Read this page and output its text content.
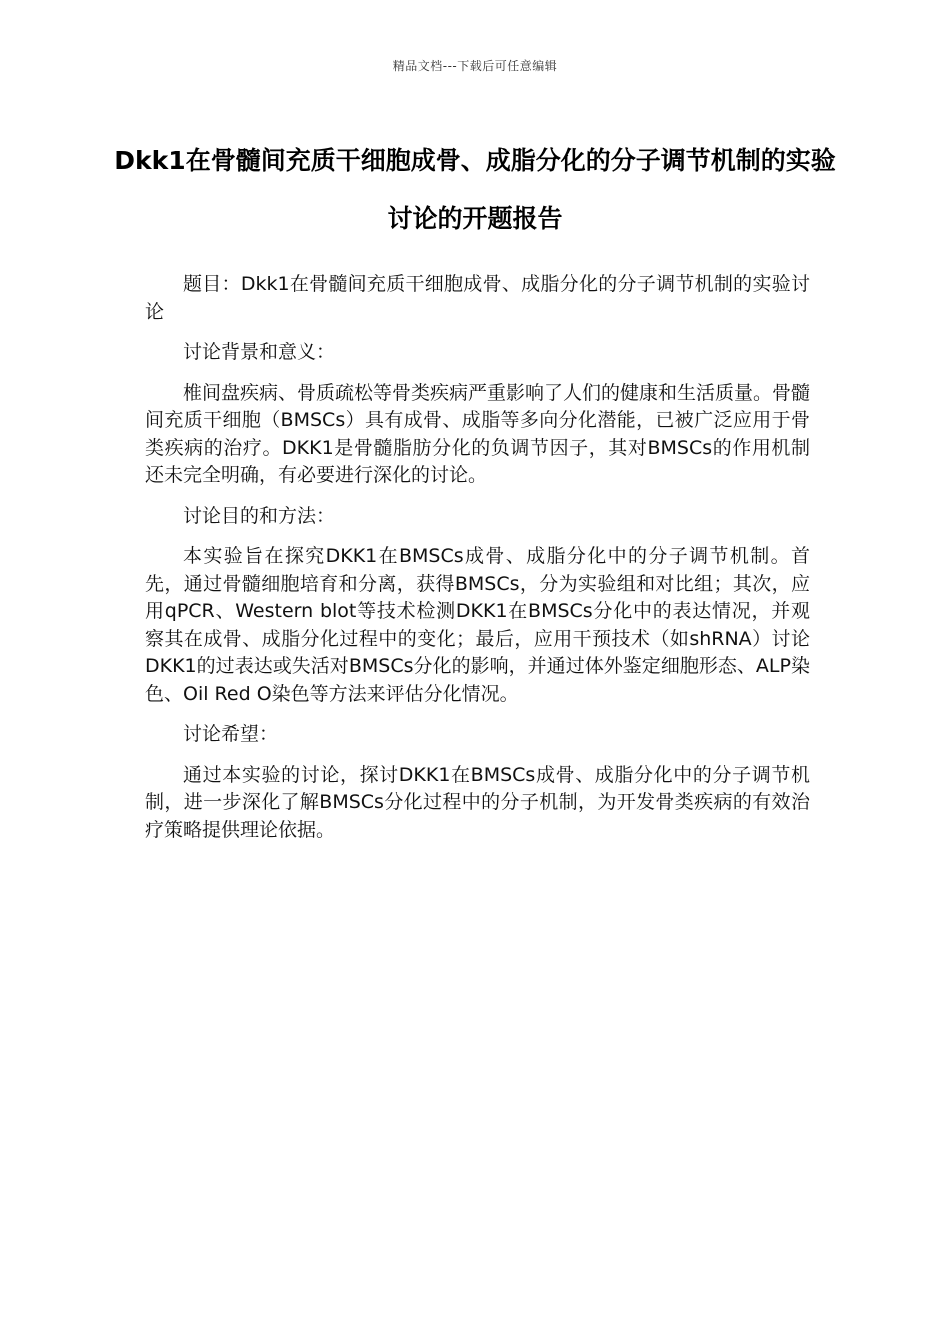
精品文档---下载后可任意编辑
Dkk1在骨髓间充质干细胞成骨、成脂分化的分子调节机制的实验讨论的开题报告

题目：Dkk1在骨髓间充质干细胞成骨、成脂分化的分子调节机制的实验讨论

讨论背景和意义：

椎间盘疾病、骨质疏松等骨类疾病严重影响了人们的健康和生活质量。骨髓间充质干细胞（BMSCs）具有成骨、成脂等多向分化潜能，已被广泛应用于骨类疾病的治疗。DKK1是骨髓脂肪分化的负调节因子，其对BMSCs的作用机制还未完全明确，有必要进行深化的讨论。

讨论目的和方法：

本实验旨在探究DKK1在BMSCs成骨、成脂分化中的分子调节机制。首先，通过骨髓细胞培育和分离，获得BMSCs，分为实验组和对比组；其次，应用qPCR、Western blot等技术检测DKK1在BMSCs分化中的表达情况，并观察其在成骨、成脂分化过程中的变化；最后，应用干预技术（如shRNA）讨论DKK1的过表达或失活对BMSCs分化的影响，并通过体外鉴定细胞形态、ALP染色、Oil Red O染色等方法来评估分化情况。

讨论希望：

通过本实验的讨论，探讨DKK1在BMSCs成骨、成脂分化中的分子调节机制，进一步深化了解BMSCs分化过程中的分子机制，为开发骨类疾病的有效治疗策略提供理论依据。
